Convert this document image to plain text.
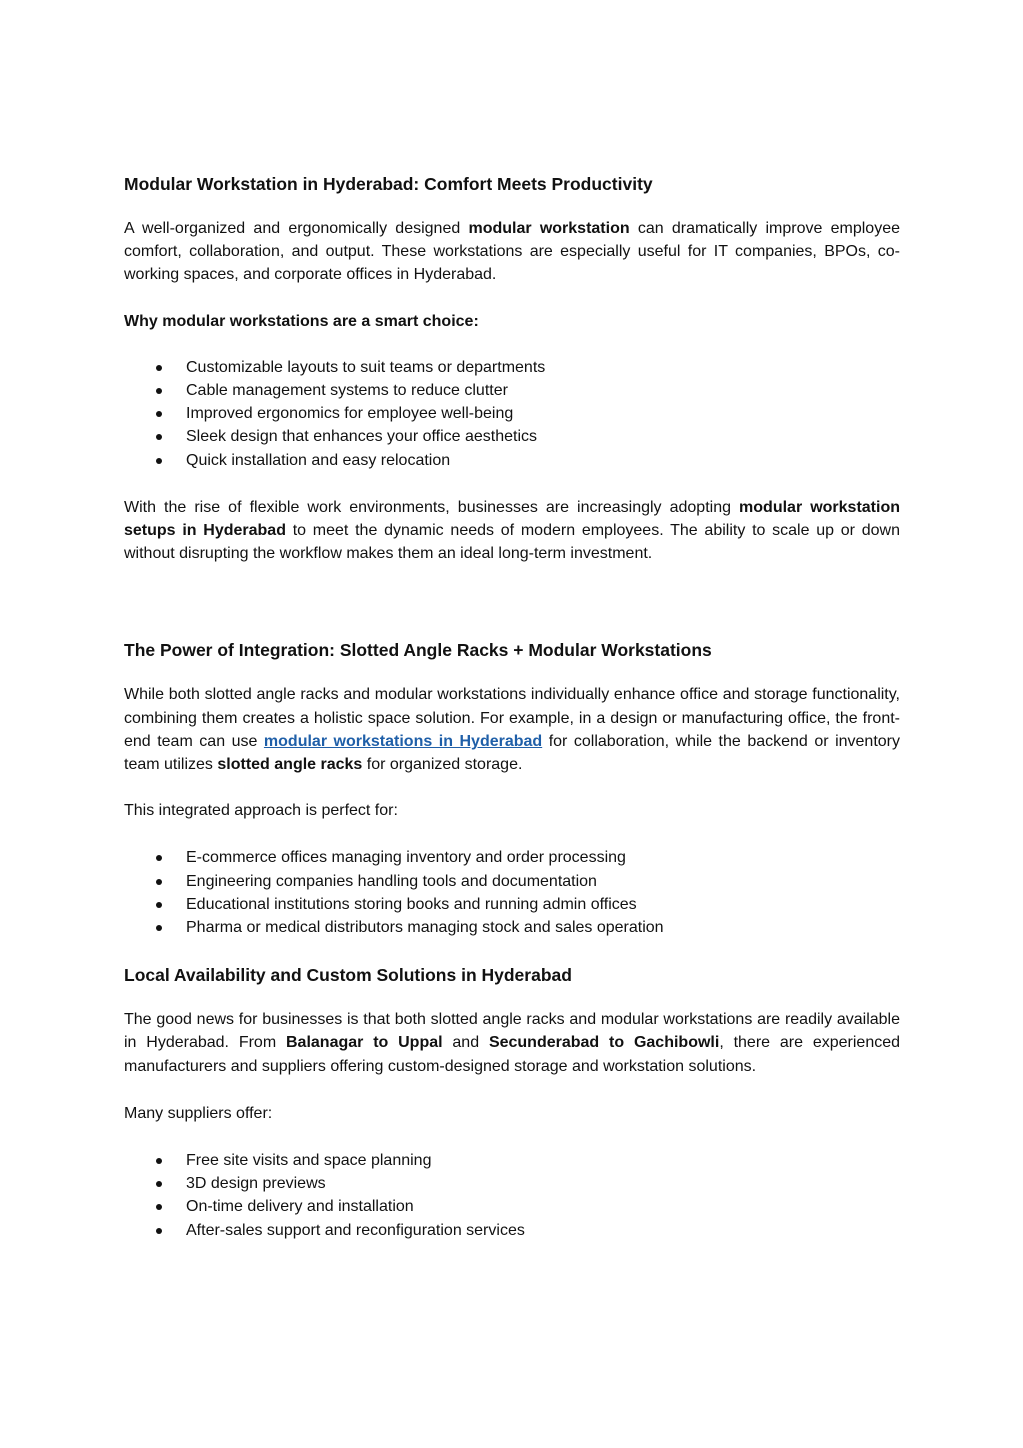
Modular Workstation in Hyderabad: Comfort Meets Productivity

A well-organized and ergonomically designed modular workstation can dramatically improve employee comfort, collaboration, and output. These workstations are especially useful for IT companies, BPOs, co-working spaces, and corporate offices in Hyderabad.

Why modular workstations are a smart choice:

Customizable layouts to suit teams or departments
Cable management systems to reduce clutter
Improved ergonomics for employee well-being
Sleek design that enhances your office aesthetics
Quick installation and easy relocation

With the rise of flexible work environments, businesses are increasingly adopting modular workstation setups in Hyderabad to meet the dynamic needs of modern employees. The ability to scale up or down without disrupting the workflow makes them an ideal long-term investment.

The Power of Integration: Slotted Angle Racks + Modular Workstations

While both slotted angle racks and modular workstations individually enhance office and storage functionality, combining them creates a holistic space solution. For example, in a design or manufacturing office, the front-end team can use modular workstations in Hyderabad for collaboration, while the backend or inventory team utilizes slotted angle racks for organized storage.

This integrated approach is perfect for:

E-commerce offices managing inventory and order processing
Engineering companies handling tools and documentation
Educational institutions storing books and running admin offices
Pharma or medical distributors managing stock and sales operation
Local Availability and Custom Solutions in Hyderabad

The good news for businesses is that both slotted angle racks and modular workstations are readily available in Hyderabad. From Balanagar to Uppal and Secunderabad to Gachibowli, there are experienced manufacturers and suppliers offering custom-designed storage and workstation solutions.

Many suppliers offer:

Free site visits and space planning
3D design previews
On-time delivery and installation
After-sales support and reconfiguration services
